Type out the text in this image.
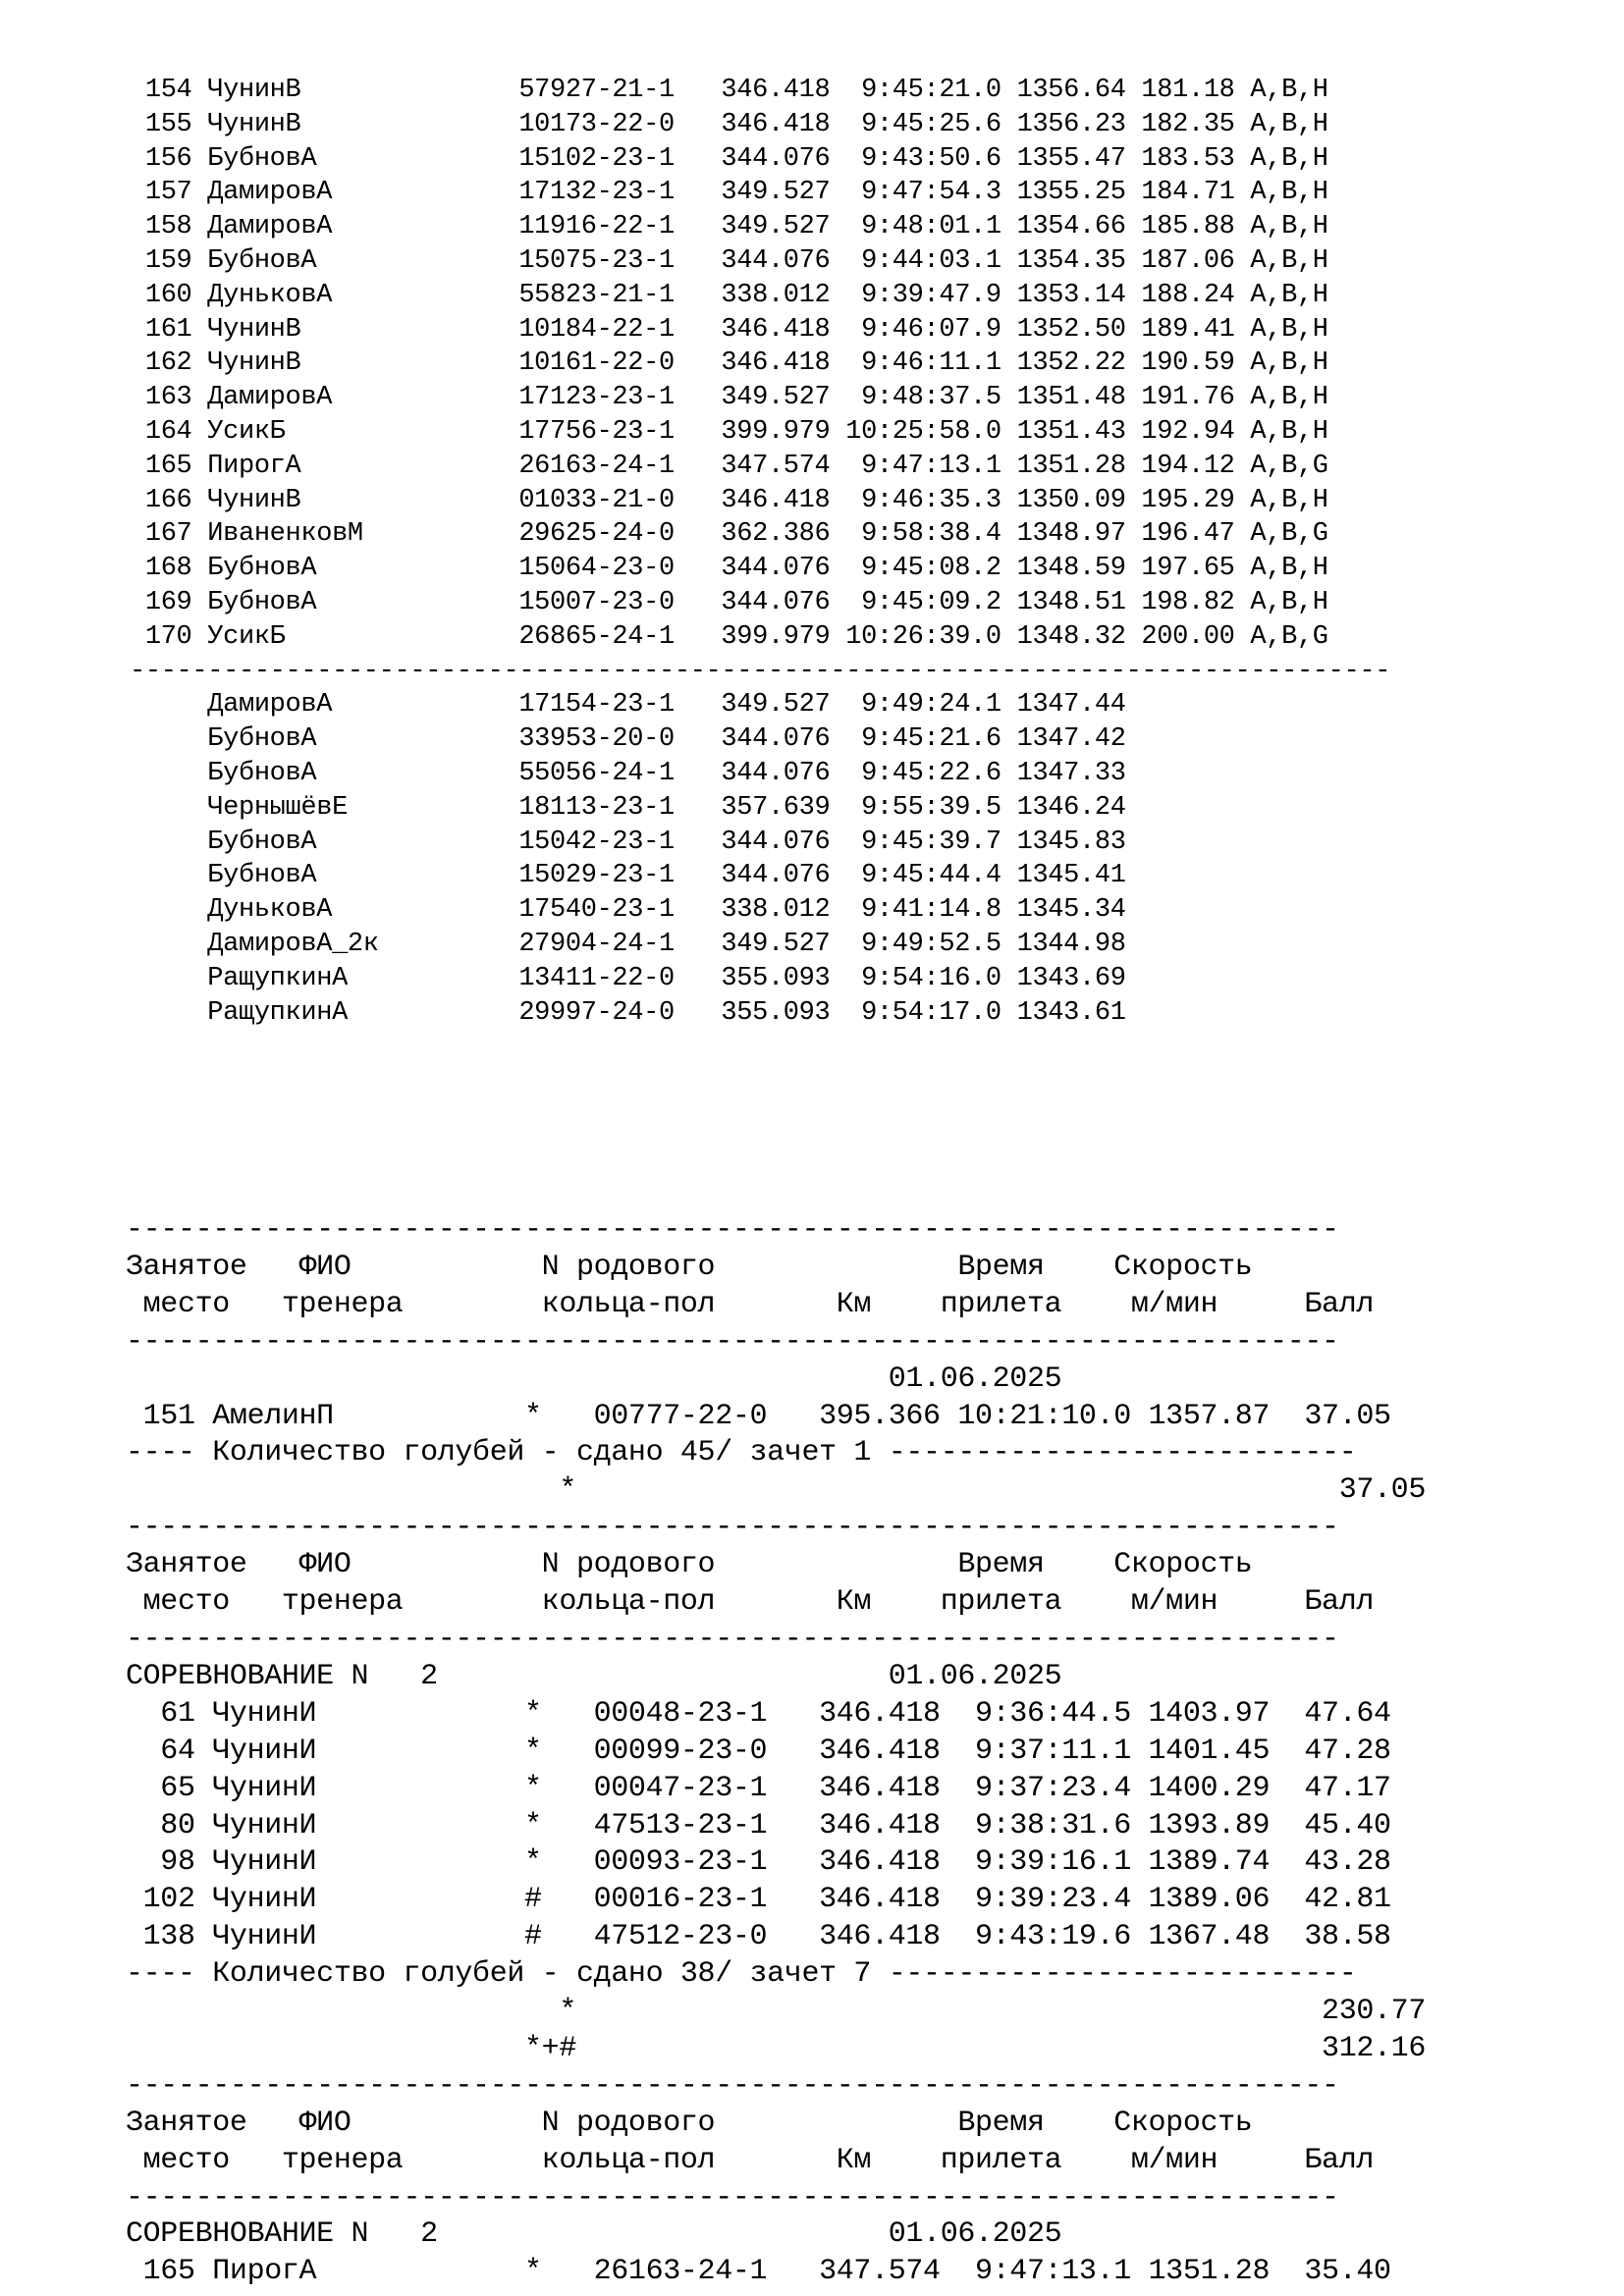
154 ЧунинВ              57927-21-1   346.418  9:45:21.0 1356.64 181.18 A,B,H
155 ЧунинВ              10173-22-0   346.418  9:45:25.6 1356.23 182.35 A,B,H
156 БубновА             15102-23-1   344.076  9:43:50.6 1355.47 183.53 A,B,H
157 ДамировА            17132-23-1   349.527  9:47:54.3 1355.25 184.71 A,B,H
158 ДамировА            11916-22-1   349.527  9:48:01.1 1354.66 185.88 A,B,H
159 БубновА             15075-23-1   344.076  9:44:03.1 1354.35 187.06 A,B,H
160 ДуньковА            55823-21-1   338.012  9:39:47.9 1353.14 188.24 A,B,H
161 ЧунинВ              10184-22-1   346.418  9:46:07.9 1352.50 189.41 A,B,H
162 ЧунинВ              10161-22-0   346.418  9:46:11.1 1352.22 190.59 A,B,H
163 ДамировА            17123-23-1   349.527  9:48:37.5 1351.48 191.76 A,B,H
164 УсикБ               17756-23-1   399.979 10:25:58.0 1351.43 192.94 A,B,H
165 ПирогА              26163-24-1   347.574  9:47:13.1 1351.28 194.12 A,B,G
166 ЧунинВ              01033-21-0   346.418  9:46:35.3 1350.09 195.29 A,B,H
167 ИваненковМ          29625-24-0   362.386  9:58:38.4 1348.97 196.47 A,B,G
168 БубновА             15064-23-0   344.076  9:45:08.2 1348.59 197.65 A,B,H
169 БубновА             15007-23-0   344.076  9:45:09.2 1348.51 198.82 A,B,H
170 УсикБ               26865-24-1   399.979 10:26:39.0 1348.32 200.00 A,B,G
---------------------------------------------------------------------------------
ДамировА            17154-23-1   349.527  9:49:24.1 1347.44
БубновА             33953-20-0   344.076  9:45:21.6 1347.42
БубновА             55056-24-1   344.076  9:45:22.6 1347.33
ЧернышёвЕ           18113-23-1   357.639  9:55:39.5 1346.24
БубновА             15042-23-1   344.076  9:45:39.7 1345.83
БубновА             15029-23-1   344.076  9:45:44.4 1345.41
ДуньковА            17540-23-1   338.012  9:41:14.8 1345.34
ДамировА_2к         27904-24-1   349.527  9:49:52.5 1344.98
РащупкинА           13411-22-0   355.093  9:54:16.0 1343.69
РащупкинА           29997-24-0   355.093  9:54:17.0 1343.61
----------------------------------------------------------------------
Занятое   ФИО           N родового              Время    Скорость
место   тренера        кольца-пол       Км    прилета    м/мин     Балл
----------------------------------------------------------------------
01.06.2025
151 АмелинП           *   00777-22-0   395.366 10:21:10.0 1357.87  37.05
---- Количество голубей - сдано 45/ зачет 1 ---------------------------
*                                            37.05
----------------------------------------------------------------------
Занятое   ФИО           N родового              Время    Скорость
место   тренера        кольца-пол       Км    прилета    м/мин     Балл
----------------------------------------------------------------------
СОРЕВНОВАНИЕ N   2                          01.06.2025
61 ЧунинИ            *   00048-23-1   346.418  9:36:44.5 1403.97  47.64
64 ЧунинИ            *   00099-23-0   346.418  9:37:11.1 1401.45  47.28
65 ЧунинИ            *   00047-23-1   346.418  9:37:23.4 1400.29  47.17
80 ЧунинИ            *   47513-23-1   346.418  9:38:31.6 1393.89  45.40
98 ЧунинИ            *   00093-23-1   346.418  9:39:16.1 1389.74  43.28
102 ЧунинИ            #   00016-23-1   346.418  9:39:23.4 1389.06  42.81
138 ЧунинИ            #   47512-23-0   346.418  9:43:19.6 1367.48  38.58
---- Количество голубей - сдано 38/ зачет 7 ---------------------------
*                                           230.77
*+#                                           312.16
----------------------------------------------------------------------
Занятое   ФИО           N родового              Время    Скорость
место   тренера        кольца-пол       Км    прилета    м/мин     Балл
----------------------------------------------------------------------
СОРЕВНОВАНИЕ N   2                          01.06.2025
165 ПирогА            *   26163-24-1   347.574  9:47:13.1 1351.28  35.40
